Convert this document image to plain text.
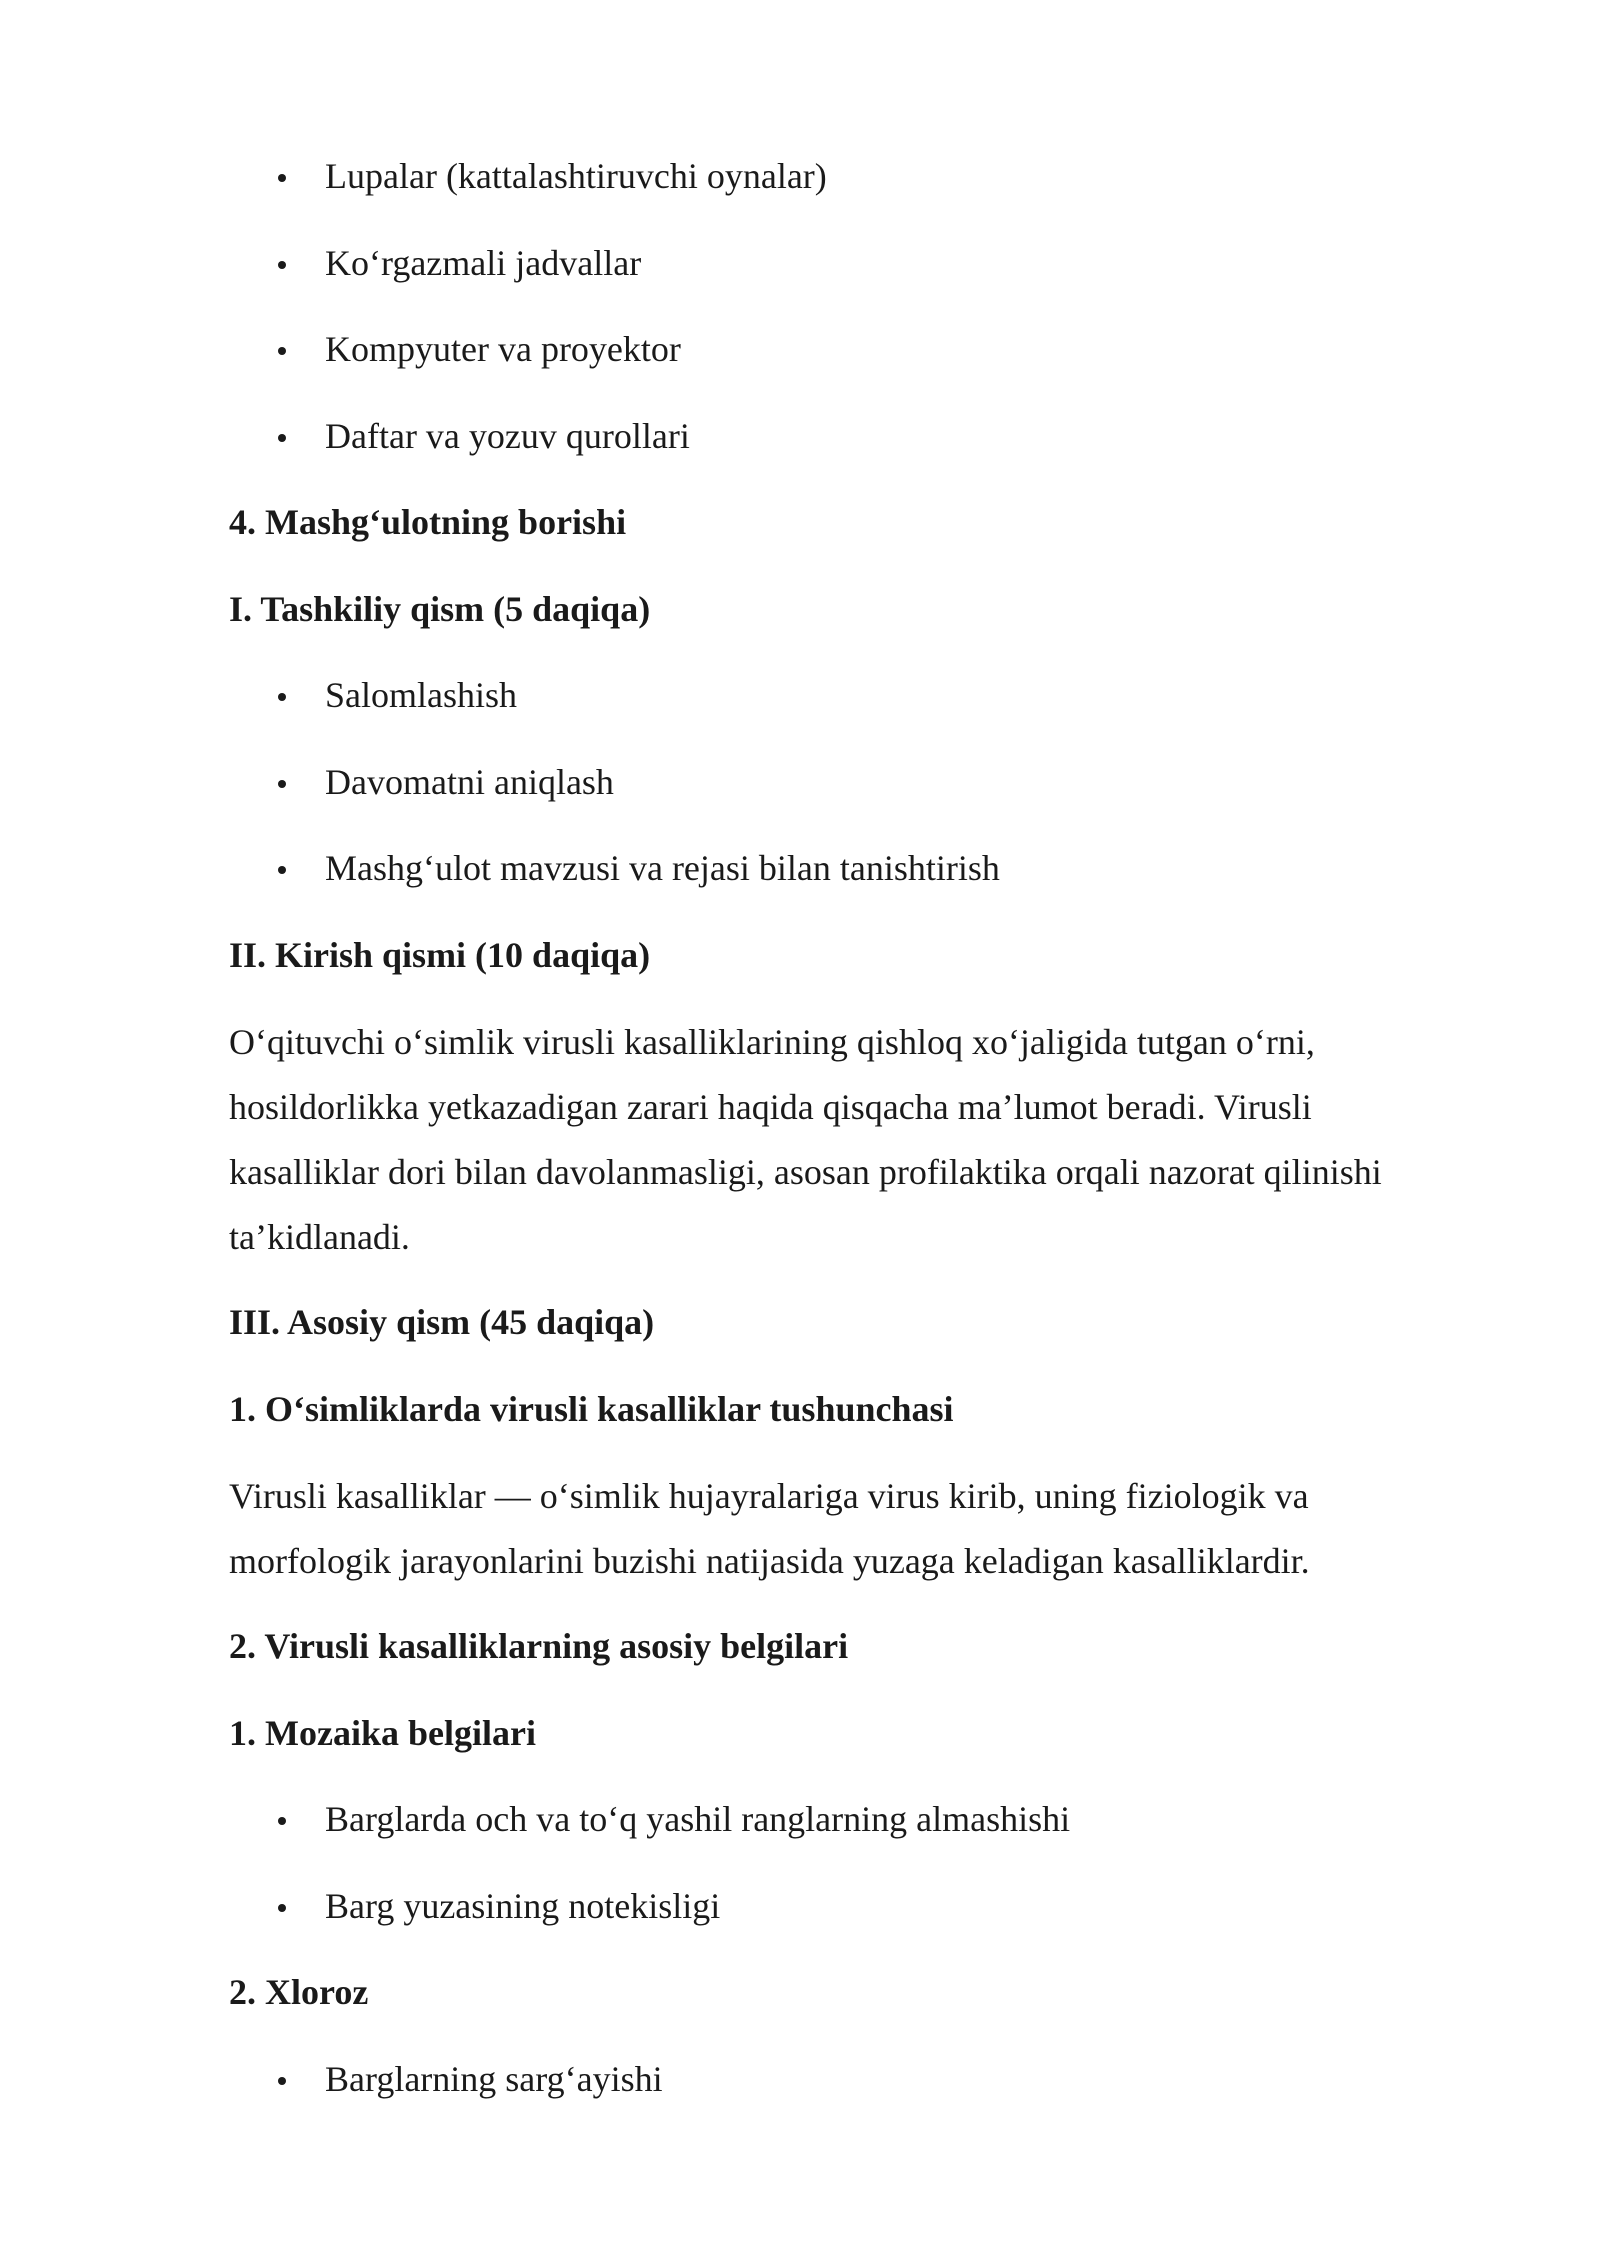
Lupalar (kattalashtiruvchi oynalar)
Ko‘rgazmali jadvallar
Kompyuter va proyektor
Daftar va yozuv qurollari

4. Mashg‘ulotning borishi

I. Tashkiliy qism (5 daqiqa)

Salomlashish
Davomatni aniqlash
Mashg‘ulot mavzusi va rejasi bilan tanishtirish

II. Kirish qismi (10 daqiqa)

O‘qituvchi o‘simlik virusli kasalliklarining qishloq xo‘jaligida tutgan o‘rni, hosildorlikka yetkazadigan zarari haqida qisqacha ma’lumot beradi. Virusli kasalliklar dori bilan davolanmasligi, asosan profilaktika orqali nazorat qilinishi ta’kidlanadi.

III. Asosiy qism (45 daqiqa)

1. O‘simliklarda virusli kasalliklar tushunchasi

Virusli kasalliklar — o‘simlik hujayralariga virus kirib, uning fiziologik va morfologik jarayonlarini buzishi natijasida yuzaga keladigan kasalliklardir.

2. Virusli kasalliklarning asosiy belgilari

1. Mozaika belgilari

Barglarda och va to‘q yashil ranglarning almashishi
Barg yuzasining notekisligi

2. Xloroz

Barglarning sarg‘ayishi
